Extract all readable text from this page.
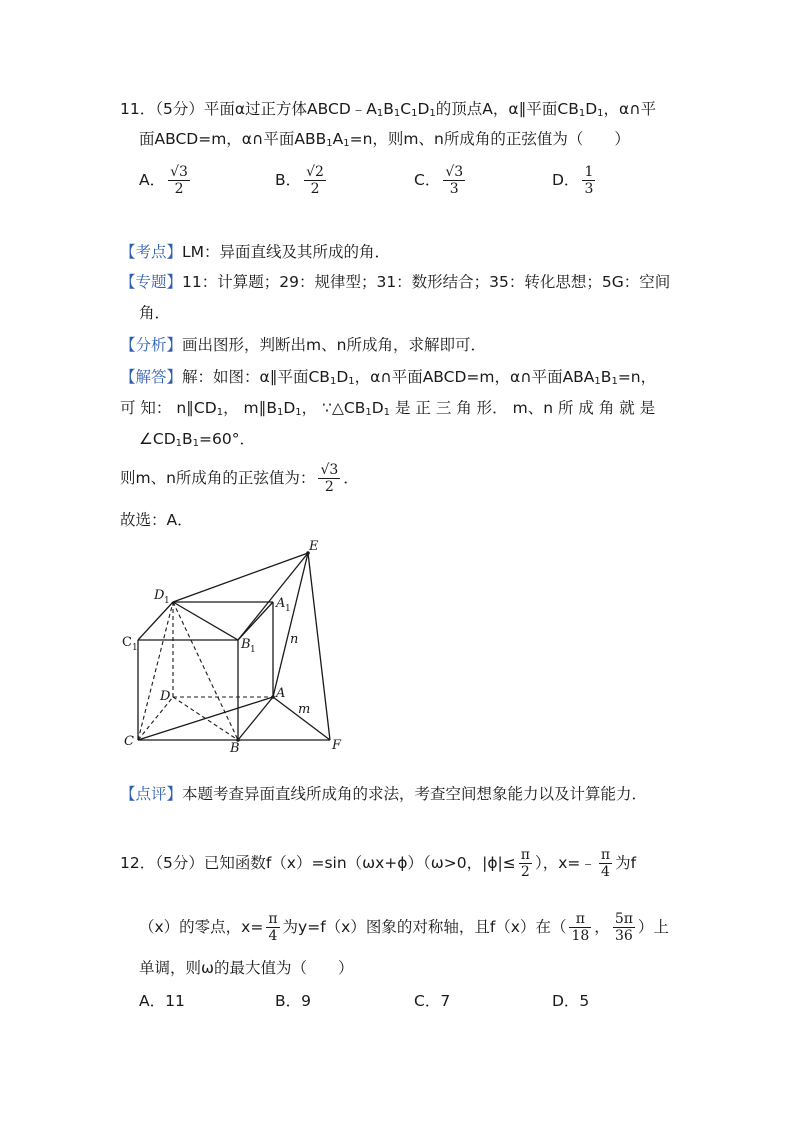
11．（5分）平面α过正方体$ABCD﹣A_1B_1C_1D_1$的顶点A，α∥平面$CB_1D_1$，α∩平
面ABCD=m，α∩平面$ABB_1A_1=n$，则m、n所成角的正弦值为（　　）
A． $\frac{√3}{2}$	B． $\frac{√2}{2}$	C． $\frac{√3}{3}$	D． $\frac{1}{3}$
【考点】LM：异面直线及其所成的角．
【专题】11：计算题；29：规律型；31：数形结合；35：转化思想；5G：空间
角．
【分析】画出图形，判断出m、n所成角，求解即可．
【解答】解：如图：α∥平面$CB_1D_1$，α∩平面ABCD=m，α∩平面$ABA_1B_1=n$，
可 知： $n\parallel CD_1$， $m\parallel B_1D_1$， $\because\triangle CB_1D_1$ 是 正 三 角 形． m、n 所 成 角 就 是
$\angle CD_1B_1=60^\circ$．
则m、n所成角的正弦值为： $\frac{√3}{2}$ ．
故选：A．
E
D 1	A 1
C 1	B 1
D	A
n
m
C	B	F
【点评】本题考查异面直线所成角的求法，考查空间想象能力以及计算能力．
12．（5分）已知函数f（x）=sin（ωx+ϕ）（ω>0，$|\phi|\le \frac{\pi}{2}$ ），x=﹣ $\frac{\pi}{4}$ 为f
（x）的零点，$x= \frac{\pi}{4}$ 为y=f（x）图象的对称轴，且f（x）在（ $\frac{\pi}{18}$ ， $\frac{5\pi}{36}$ ）上
单调，则ω的最大值为（　　）
A．11	B．9	C．7	D．5
